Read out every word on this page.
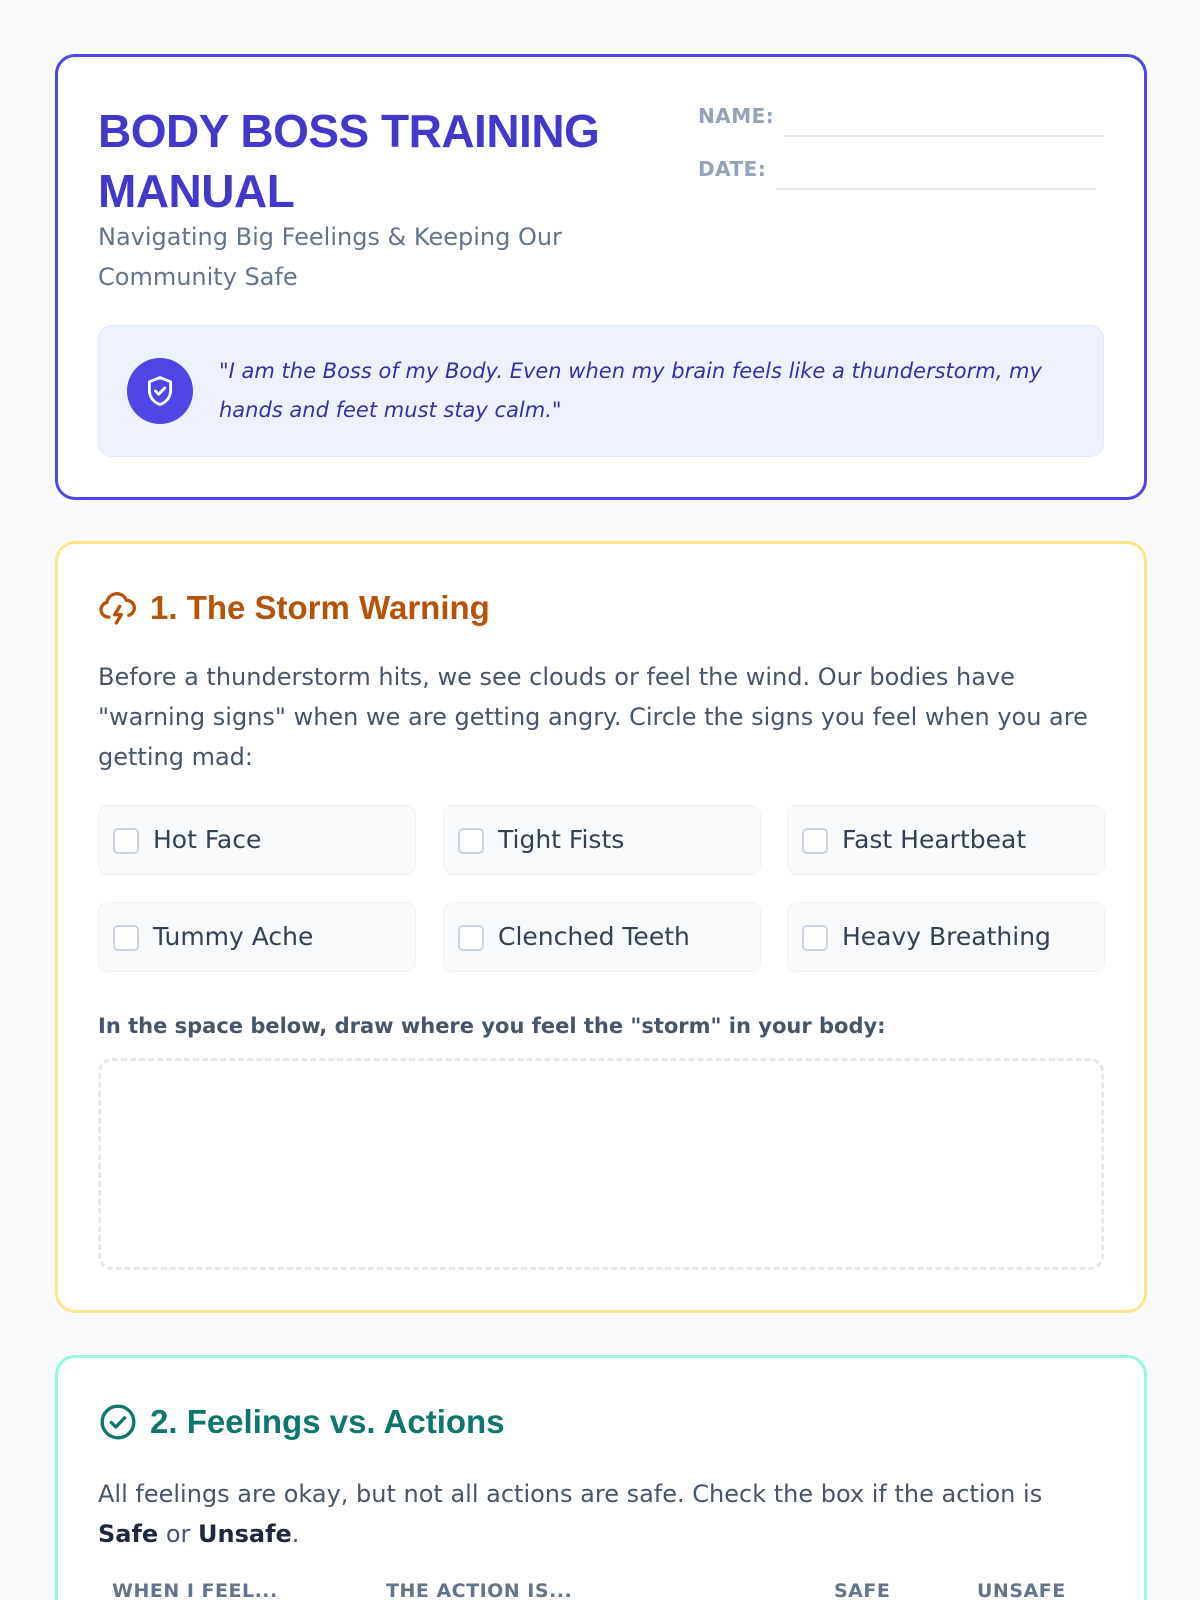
BODY BOSS TRAINING MANUAL
Navigating Big Feelings & Keeping Our Community Safe
NAME:
DATE:
"I am the Boss of my Body. Even when my brain feels like a thunderstorm, my hands and feet must stay calm."
1. The Storm Warning
Before a thunderstorm hits, we see clouds or feel the wind. Our bodies have "warning signs" when we are getting angry. Circle the signs you feel when you are getting mad:
Hot Face	Tight Fists	Fast Heartbeat
Tummy Ache	Clenched Teeth	Heavy Breathing
In the space below, draw where you feel the "storm" in your body:
2. Feelings vs. Actions
All feelings are okay, but not all actions are safe. Check the box if the action is Safe or Unsafe.
WHEN I FEEL...	THE ACTION IS...	SAFE	UNSAFE
